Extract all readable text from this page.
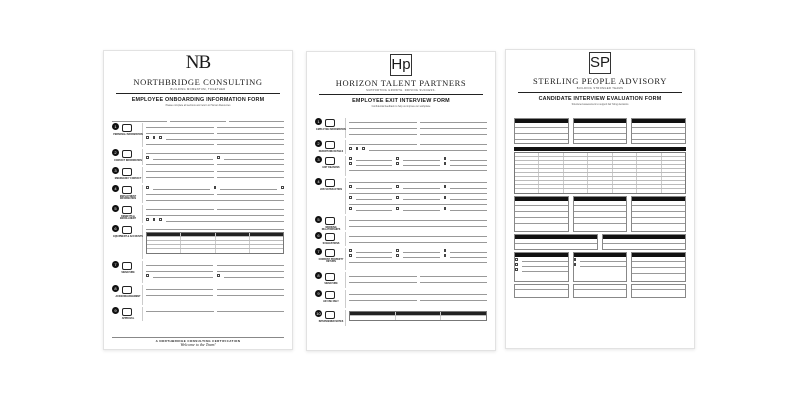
NB
NORTHBRIDGE CONSULTING
BUILDING MOMENTUM, TOGETHER
EMPLOYEE ONBOARDING INFORMATION FORM
Please complete all sections and return to Human Resources
1
PERSONAL INFORMATION
2
CONTACT INFORMATION
3
EMERGENCY CONTACT
4
EMPLOYMENT INFORMATION
5
BENEFITS & ENROLLMENT
6
EQUIPMENT & ACCOUNTS
7
SIGNATURE
8
ACKNOWLEDGEMENT
9
APPROVAL
A NORTHBRIDGE CONSULTING CERTIFICATION
Welcome to the Team!
Hp
HORIZON TALENT PARTNERS
SUPPORTING GROWTH. DRIVING SUCCESS.
EMPLOYEE EXIT INTERVIEW FORM
Confidential feedback to help us improve our workplace
1
EMPLOYEE INFORMATION
2
DEPARTURE DETAILS
3
EXIT REASONS
4
JOB SATISFACTION
5
WORKING RELATIONSHIPS
6
SUGGESTIONS
7
COMPANY PROPERTY RETURN
8
SIGNATURE
9
HR USE ONLY
10
INTERVIEWER NOTES
SP
STERLING PEOPLE ADVISORY
BUILDING STRONGER TEAMS
CANDIDATE INTERVIEW EVALUATION FORM
Structured assessment to support fair hiring decisions
